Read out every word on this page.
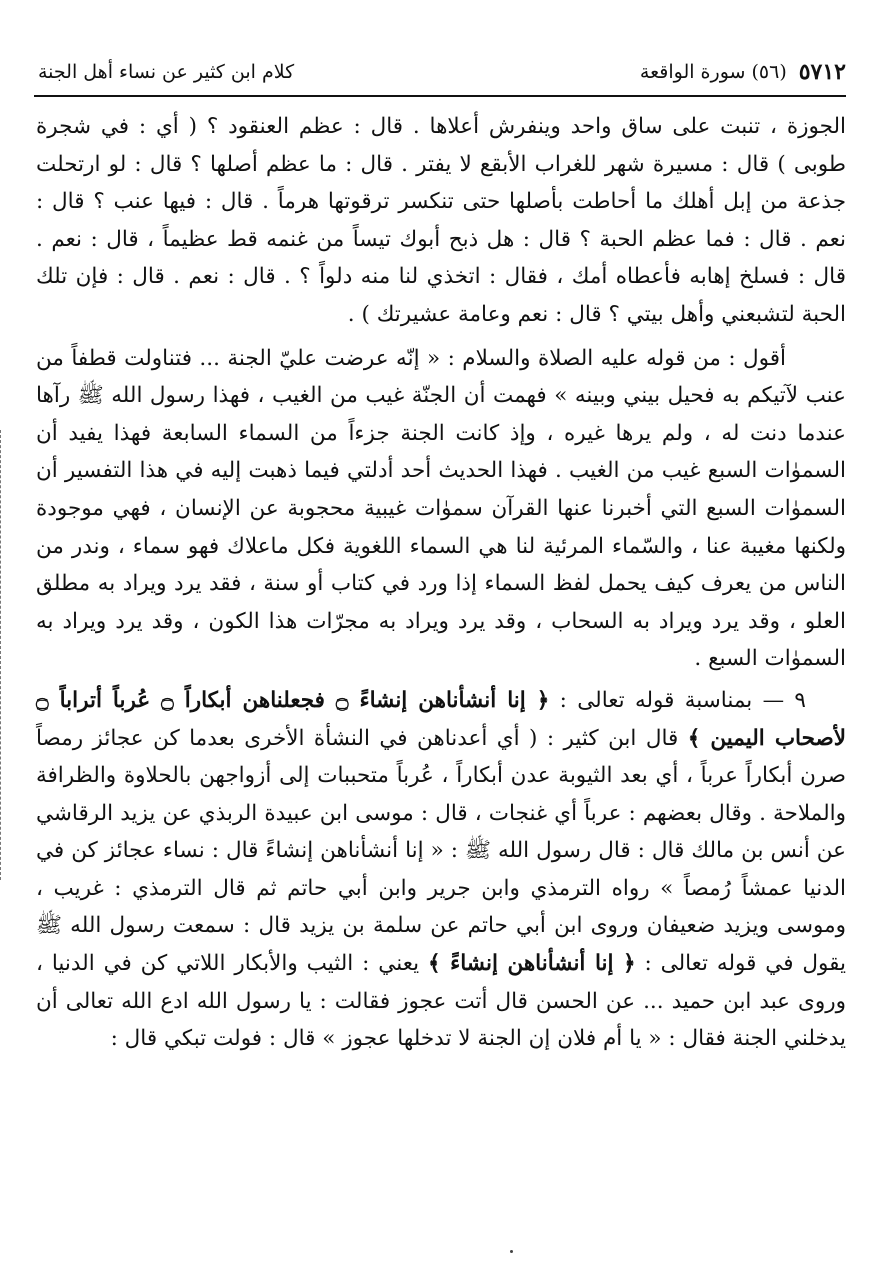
٥٧١٢
(٥٦) سورة الواقعة
كلام ابن كثير عن نساء أهل الجنة

الجوزة ، تنبت على ساق واحد وينفرش أعلاها . قال : عظم العنقود ؟ ( أي : في شجرة طوبى ) قال : مسيرة شهر للغراب الأبقع لا يفتر . قال : ما عظم أصلها ؟ قال : لو ارتحلت جذعة من إبل أهلك ما أحاطت بأصلها حتى تنكسر ترقوتها هرماً . قال : فيها عنب ؟ قال : نعم . قال : فما عظم الحبة ؟ قال : هل ذبح أبوك تيساً من غنمه قط عظيماً ، قال : نعم . قال : فسلخ إهابه فأعطاه أمك ، فقال : اتخذي لنا منه دلواً ؟ . قال : نعم . قال : فإن تلك الحبة لتشبعني وأهل بيتي ؟ قال : نعم وعامة عشيرتك ) .

أقول : من قوله عليه الصلاة والسلام : « إنّه عرضت عليّ الجنة ... فتناولت قطفاً من عنب لآتيكم به فحيل بيني وبينه » فهمت أن الجنّة غيب من الغيب ، فهذا رسول الله ﷺ رآها عندما دنت له ، ولم يرها غيره ، وإذ كانت الجنة جزءاً من السماء السابعة فهذا يفيد أن السموٰات السبع غيب من الغيب . فهذا الحديث أحد أدلتي فيما ذهبت إليه في هذا التفسير أن السموٰات السبع التي أخبرنا عنها القرآن سموٰات غيبية محجوبة عن الإنسان ، فهي موجودة ولكنها مغيبة عنا ، والسّماء المرئية لنا هي السماء اللغوية فكل ماعلاك فهو سماء ، وندر من الناس من يعرف كيف يحمل لفظ السماء إذا ورد في كتاب أو سنة ، فقد يرد ويراد به مطلق العلو ، وقد يرد ويراد به السحاب ، وقد يرد ويراد به مجرّات هذا الكون ، وقد يرد ويراد به السموٰات السبع .

٩ — بمناسبة قوله تعالى : ﴿ إنا أنشأناهن إنشاءً ۝ فجعلناهن أبكاراً ۝ عُرباً أتراباً ۝ لأصحاب اليمين ﴾ قال ابن كثير : ( أي أعدناهن في النشأة الأخرى بعدما كن عجائز رمصاً صرن أبكاراً عرباً ، أي بعد الثيوبة عدن أبكاراً ، عُرباً متحببات إلى أزواجهن بالحلاوة والظرافة والملاحة . وقال بعضهم : عرباً أي غنجات ، قال : موسى ابن عبيدة الربذي عن يزيد الرقاشي عن أنس بن مالك قال : قال رسول الله ﷺ : « إنا أنشأناهن إنشاءً قال : نساء عجائز كن في الدنيا عمشاً رُمصاً » رواه الترمذي وابن جرير وابن أبي حاتم ثم قال الترمذي : غريب ، وموسى ويزيد ضعيفان وروى ابن أبي حاتم عن سلمة بن يزيد قال : سمعت رسول الله ﷺ يقول في قوله تعالى : ﴿ إنا أنشأناهن إنشاءً ﴾ يعني : الثيب والأبكار اللاتي كن في الدنيا ، وروى عبد ابن حميد ... عن الحسن قال أتت عجوز فقالت : يا رسول الله ادع الله تعالى أن يدخلني الجنة فقال : « يا أم فلان إن الجنة لا تدخلها عجوز » قال : فولت تبكي قال :
